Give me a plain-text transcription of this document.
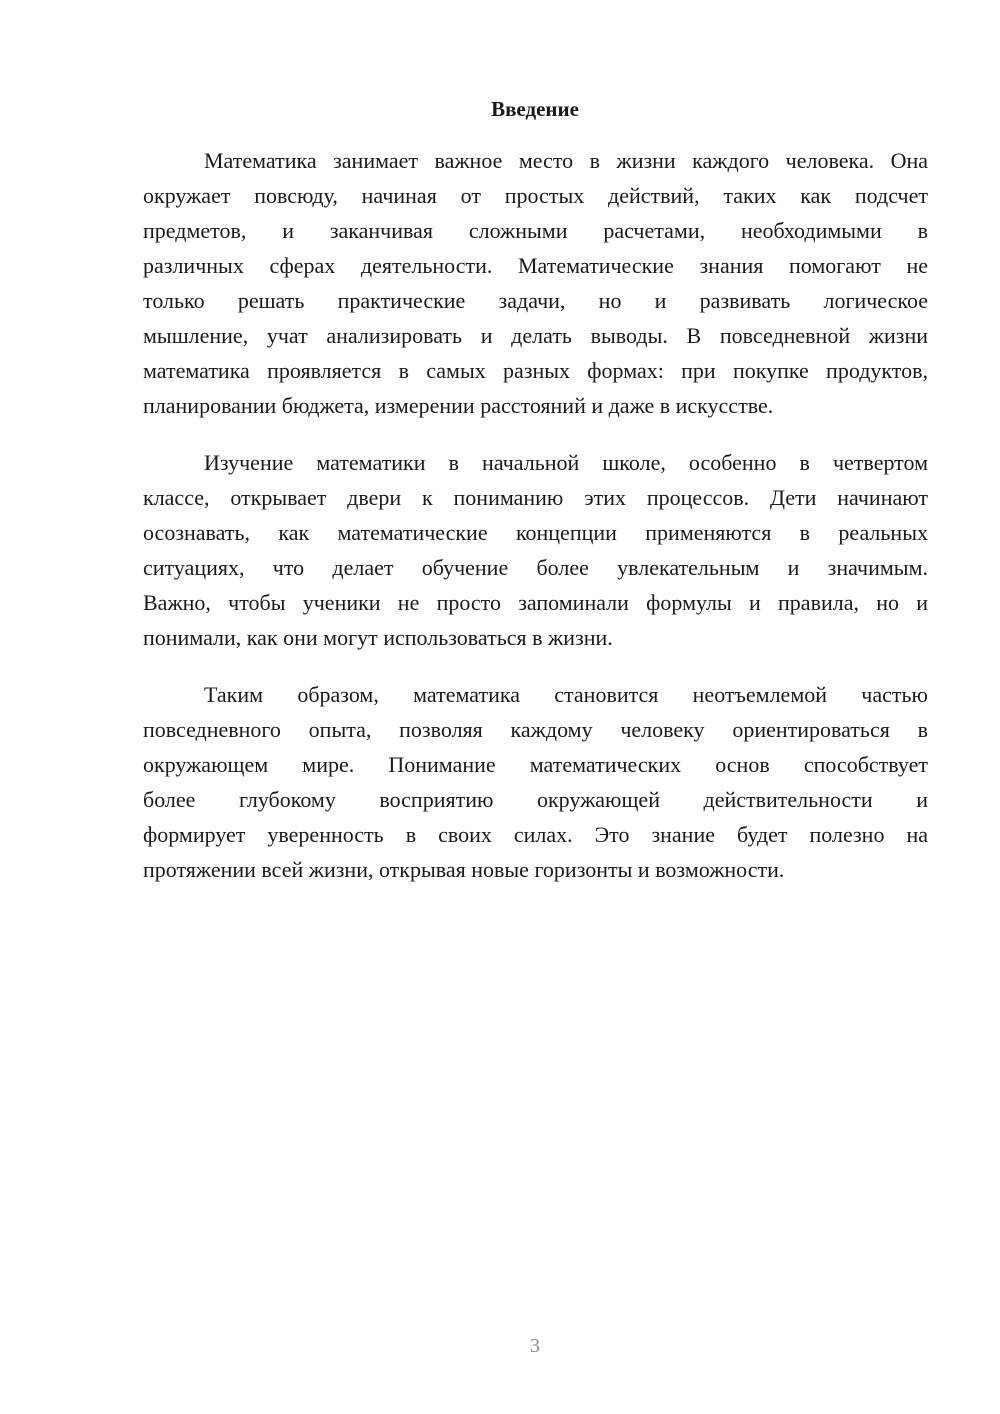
Введение
Математика занимает важное место в жизни каждого человека. Она
окружает повсюду, начиная от простых действий, таких как подсчет
предметов, и заканчивая сложными расчетами, необходимыми в
различных сферах деятельности. Математические знания помогают не
только решать практические задачи, но и развивать логическое
мышление, учат анализировать и делать выводы. В повседневной жизни
математика проявляется в самых разных формах: при покупке продуктов,
планировании бюджета, измерении расстояний и даже в искусстве.
Изучение математики в начальной школе, особенно в четвертом
классе, открывает двери к пониманию этих процессов. Дети начинают
осознавать, как математические концепции применяются в реальных
ситуациях, что делает обучение более увлекательным и значимым.
Важно, чтобы ученики не просто запоминали формулы и правила, но и
понимали, как они могут использоваться в жизни.
Таким образом, математика становится неотъемлемой частью
повседневного опыта, позволяя каждому человеку ориентироваться в
окружающем мире. Понимание математических основ способствует
более глубокому восприятию окружающей действительности и
формирует уверенность в своих силах. Это знание будет полезно на
протяжении всей жизни, открывая новые горизонты и возможности.
3
